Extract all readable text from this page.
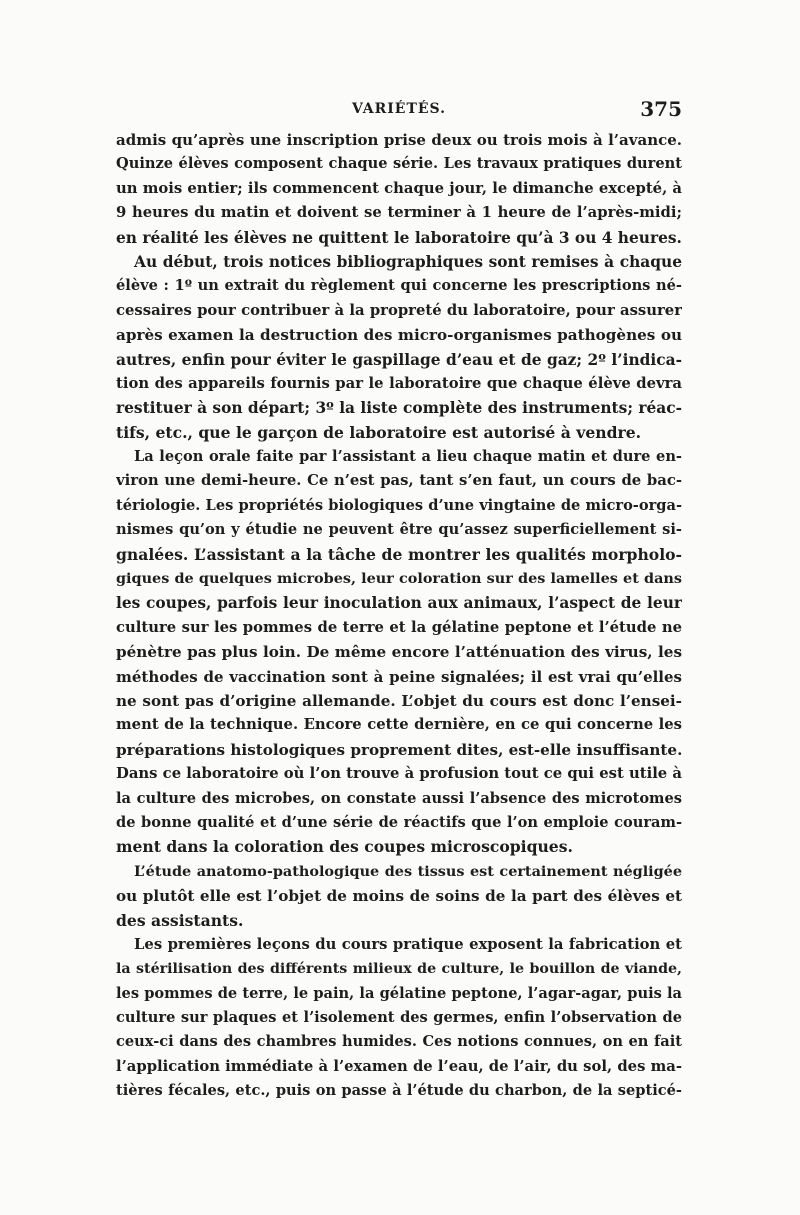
VARIÉTÉS.	375
admis qu’après une inscription prise deux ou trois mois à l’avance.
Quinze élèves composent chaque série. Les travaux pratiques durent
un mois entier; ils commencent chaque jour, le dimanche excepté, à
9 heures du matin et doivent se terminer à 1 heure de l’après-midi;
en réalité les élèves ne quittent le laboratoire qu’à 3 ou 4 heures.
Au début, trois notices bibliographiques sont remises à chaque
élève : 1º un extrait du règlement qui concerne les prescriptions né-
cessaires pour contribuer à la propreté du laboratoire, pour assurer
après examen la destruction des micro-organismes pathogènes ou
autres, enfin pour éviter le gaspillage d’eau et de gaz; 2º l’indica-
tion des appareils fournis par le laboratoire que chaque élève devra
restituer à son départ; 3º la liste complète des instruments; réac-
tifs, etc., que le garçon de laboratoire est autorisé à vendre.
La leçon orale faite par l’assistant a lieu chaque matin et dure en-
viron une demi-heure. Ce n’est pas, tant s’en faut, un cours de bac-
tériologie. Les propriétés biologiques d’une vingtaine de micro-orga-
nismes qu’on y étudie ne peuvent être qu’assez superficiellement si-
gnalées. L’assistant a la tâche de montrer les qualités morpholo-
giques de quelques microbes, leur coloration sur des lamelles et dans
les coupes, parfois leur inoculation aux animaux, l’aspect de leur
culture sur les pommes de terre et la gélatine peptone et l’étude ne
pénètre pas plus loin. De même encore l’atténuation des virus, les
méthodes de vaccination sont à peine signalées; il est vrai qu’elles
ne sont pas d’origine allemande. L’objet du cours est donc l’ensei-
ment de la technique. Encore cette dernière, en ce qui concerne les
préparations histologiques proprement dites, est-elle insuffisante.
Dans ce laboratoire où l’on trouve à profusion tout ce qui est utile à
la culture des microbes, on constate aussi l’absence des microtomes
de bonne qualité et d’une série de réactifs que l’on emploie couram-
ment dans la coloration des coupes microscopiques.
L’étude anatomo-pathologique des tissus est certainement négligée
ou plutôt elle est l’objet de moins de soins de la part des élèves et
des assistants.
Les premières leçons du cours pratique exposent la fabrication et
la stérilisation des différents milieux de culture, le bouillon de viande,
les pommes de terre, le pain, la gélatine peptone, l’agar-agar, puis la
culture sur plaques et l’isolement des germes, enfin l’observation de
ceux-ci dans des chambres humides. Ces notions connues, on en fait
l’application immédiate à l’examen de l’eau, de l’air, du sol, des ma-
tières fécales, etc., puis on passe à l’étude du charbon, de la septicé-
